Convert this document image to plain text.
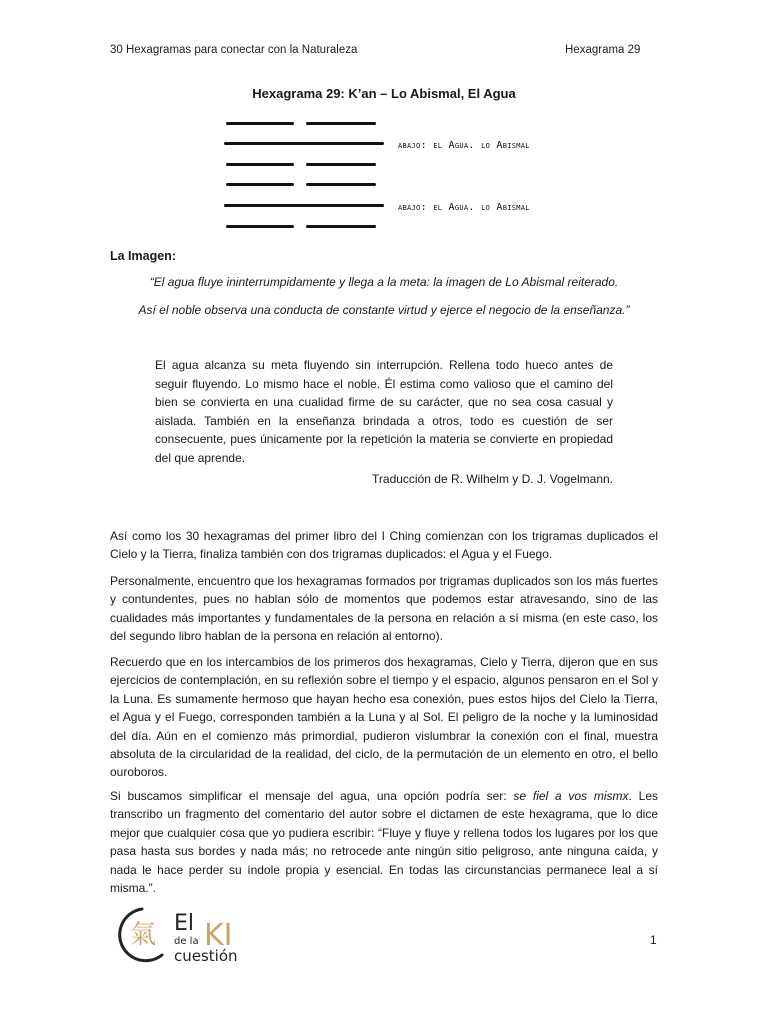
30 Hexagramas para conectar con la Naturaleza	Hexagrama 29
Hexagrama 29: K’an – Lo Abismal, El Agua
abajo: el Agua. lo Abismal
abajo: el Agua. lo Abismal
La Imagen:
“El agua fluye ininterrumpidamente y llega a la meta: la imagen de Lo Abismal reiterado.
Así el noble observa una conducta de constante virtud y ejerce el negocio de la enseñanza.”
El agua alcanza su meta fluyendo sin interrupción. Rellena todo hueco antes de seguir fluyendo. Lo mismo hace el noble. Él estima como valioso que el camino del bien se convierta en una cualidad firme de su carácter, que no sea cosa casual y aislada. También en la enseñanza brindada a otros, todo es cuestión de ser consecuente, pues únicamente por la repetición la materia se convierte en propiedad del que aprende.
Traducción de R. Wilhelm y D. J. Vogelmann.

Así como los 30 hexagramas del primer libro del I Ching comienzan con los trigramas duplicados el Cielo y la Tierra, finaliza también con dos trigramas duplicados: el Agua y el Fuego.

Personalmente, encuentro que los hexagramas formados por trigramas duplicados son los más fuertes y contundentes, pues no hablan sólo de momentos que podemos estar atravesando, sino de las cualidades más importantes y fundamentales de la persona en relación a sí misma (en este caso, los del segundo libro hablan de la persona en relación al entorno).

Recuerdo que en los intercambios de los primeros dos hexagramas, Cielo y Tierra, dijeron que en sus ejercicios de contemplación, en su reflexión sobre el tiempo y el espacio, algunos pensaron en el Sol y la Luna. Es sumamente hermoso que hayan hecho esa conexión, pues estos hijos del Cielo la Tierra, el Agua y el Fuego, corresponden también a la Luna y al Sol. El peligro de la noche y la luminosidad del día. Aún en el comienzo más primordial, pudieron vislumbrar la conexión con el final, muestra absoluta de la circularidad de la realidad, del ciclo, de la permutación de un elemento en otro, el bello ouroboros.

Si buscamos simplificar el mensaje del agua, una opción podría ser: se fiel a vos mismx. Les transcribo un fragmento del comentario del autor sobre el dictamen de este hexagrama, que lo dice mejor que cualquier cosa que yo pudiera escribir: “Fluye y fluye y rellena todos los lugares por los que pasa hasta sus bordes y nada más; no retrocede ante ningún sitio peligroso, ante ninguna caída, y nada le hace perder su índole propia y esencial. En todas las circunstancias permanece leal a sí misma.”.

氣 El
de la KI
cuestión
1
